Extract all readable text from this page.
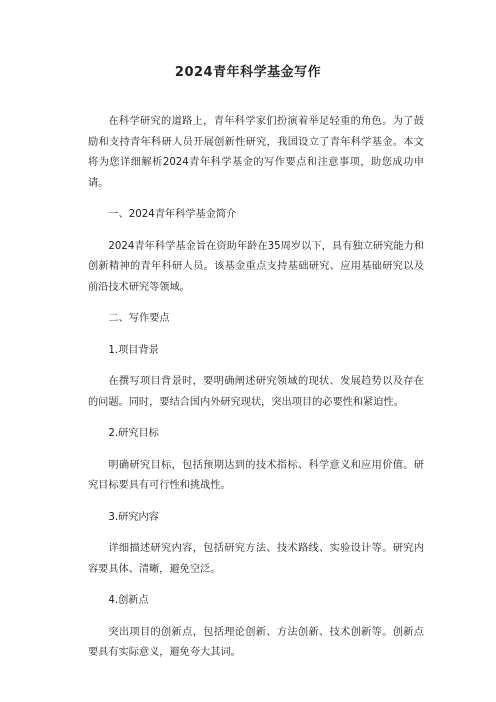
2024青年科学基金写作

在科学研究的道路上，青年科学家们扮演着举足轻重的角色。为了鼓励和支持青年科研人员开展创新性研究，我国设立了青年科学基金。本文将为您详细解析2024青年科学基金的写作要点和注意事项，助您成功申请。

一、2024青年科学基金简介

2024青年科学基金旨在资助年龄在35周岁以下，具有独立研究能力和创新精神的青年科研人员。该基金重点支持基础研究、应用基础研究以及前沿技术研究等领域。

二、写作要点

1.项目背景

在撰写项目背景时，要明确阐述研究领域的现状、发展趋势以及存在的问题。同时，要结合国内外研究现状，突出项目的必要性和紧迫性。

2.研究目标

明确研究目标，包括预期达到的技术指标、科学意义和应用价值。研究目标要具有可行性和挑战性。

3.研究内容

详细描述研究内容，包括研究方法、技术路线、实验设计等。研究内容要具体、清晰，避免空泛。

4.创新点

突出项目的创新点，包括理论创新、方法创新、技术创新等。创新点要具有实际意义，避免夸大其词。
